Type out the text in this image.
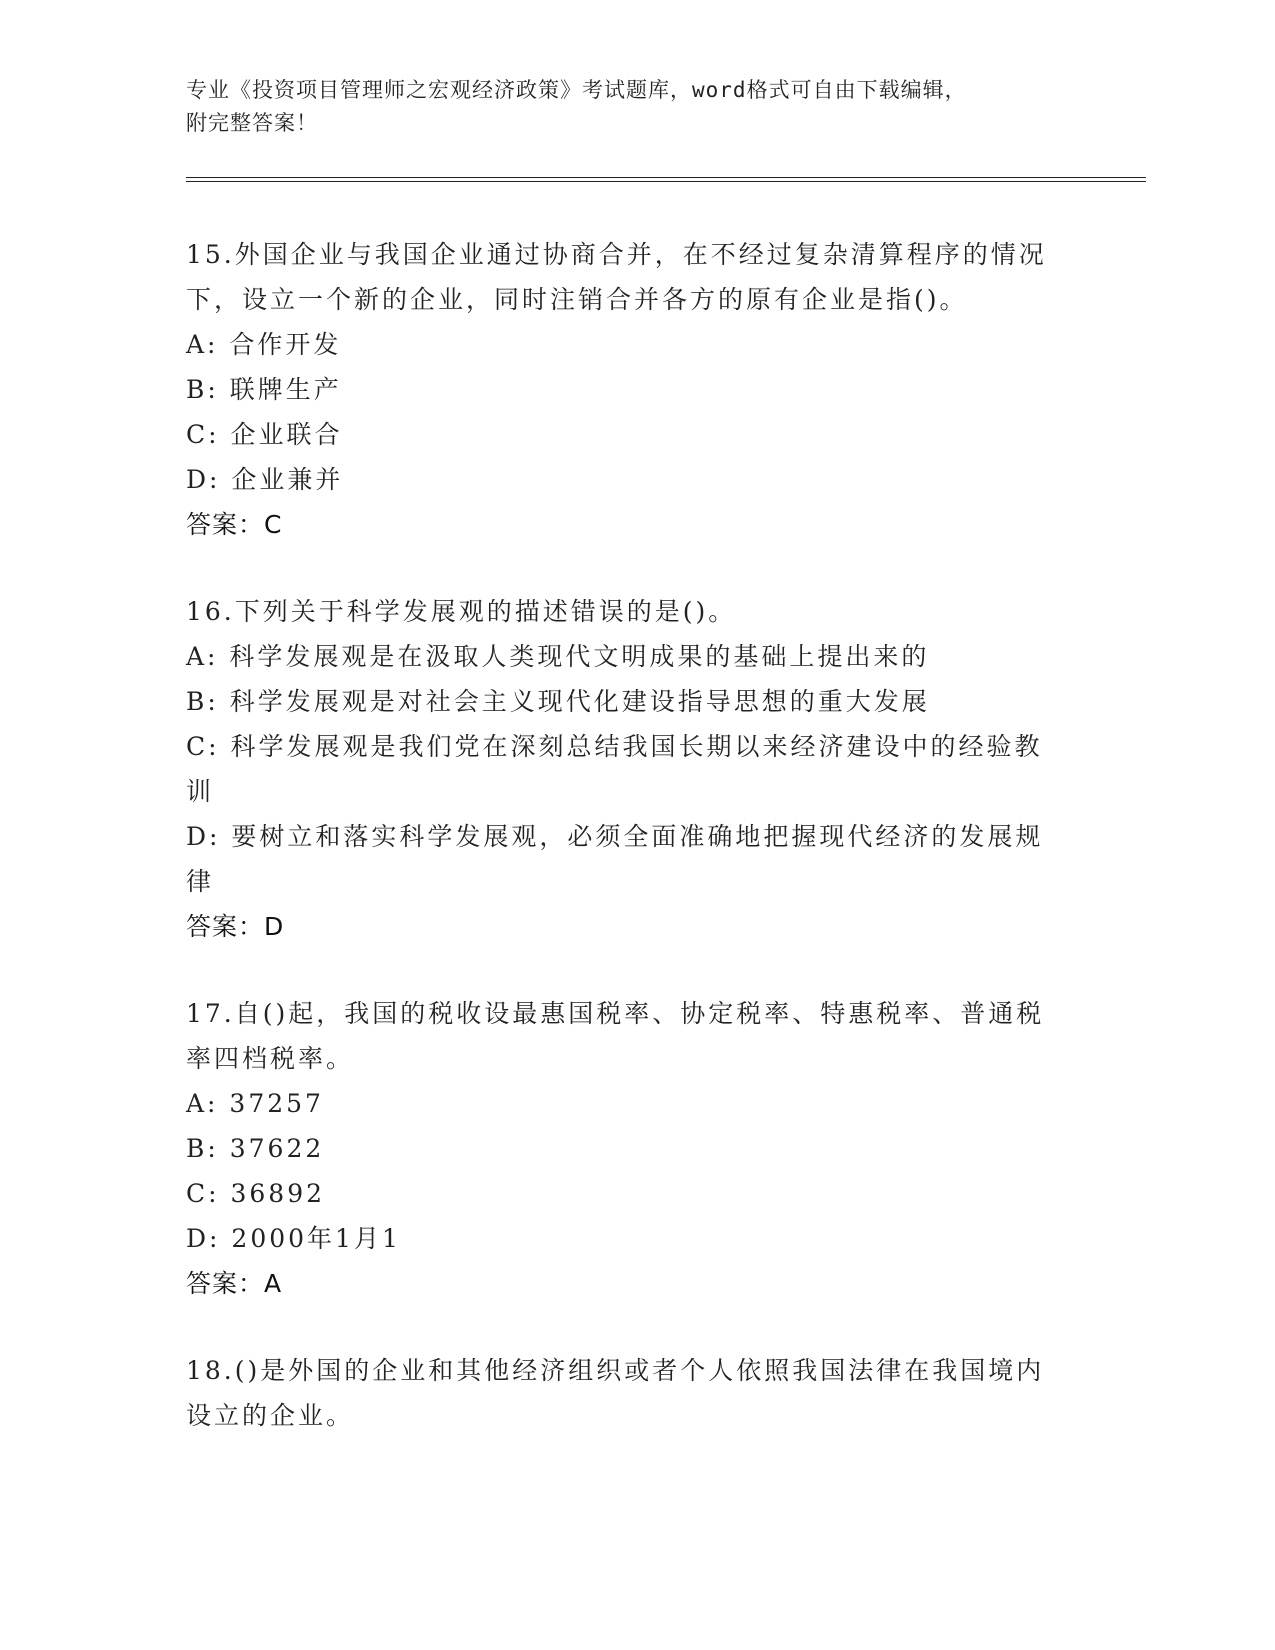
专业《投资项目管理师之宏观经济政策》考试题库，word格式可自由下载编辑，
附完整答案！
15.外国企业与我国企业通过协商合并，在不经过复杂清算程序的情况下，设立一个新的企业，同时注销合并各方的原有企业是指()。
A: 合作开发
B: 联牌生产
C: 企业联合
D: 企业兼并
答案：C
16.下列关于科学发展观的描述错误的是()。
A: 科学发展观是在汲取人类现代文明成果的基础上提出来的
B: 科学发展观是对社会主义现代化建设指导思想的重大发展
C: 科学发展观是我们党在深刻总结我国长期以来经济建设中的经验教训
D: 要树立和落实科学发展观，必须全面准确地把握现代经济的发展规律
答案：D
17.自()起，我国的税收设最惠国税率、协定税率、特惠税率、普通税率四档税率。
A: 37257
B: 37622
C: 36892
D: 2000年1月1
答案：A
18.()是外国的企业和其他经济组织或者个人依照我国法律在我国境内设立的企业。
